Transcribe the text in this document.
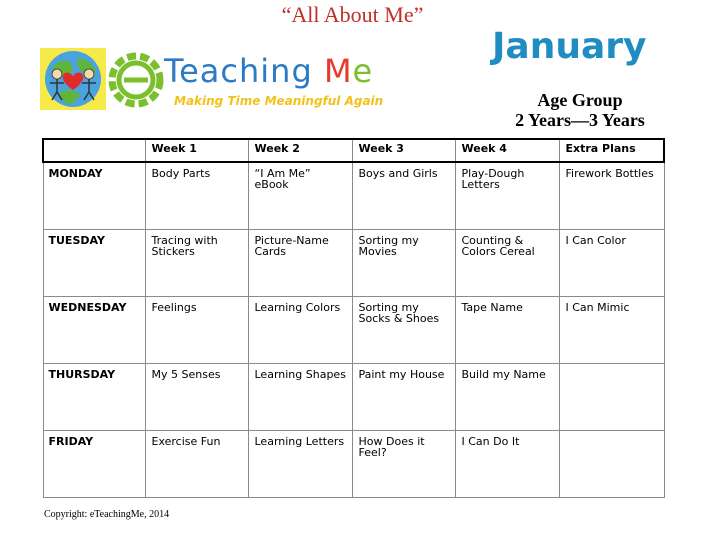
“All About Me”
Teaching Me
Making Time Meaningful Again
January
Age Group
2 Years—3 Years
	Week 1	Week 2	Week 3	Week 4	Extra Plans
MONDAY	Body Parts	“I Am Me” eBook	Boys and Girls	Play-Dough Letters	Firework Bottles
TUESDAY	Tracing with Stickers	Picture-Name Cards	Sorting my Movies	Counting & Colors Cereal	I Can Color
WEDNESDAY	Feelings	Learning Colors	Sorting my Socks & Shoes	Tape Name	I Can Mimic
THURSDAY	My 5 Senses	Learning Shapes	Paint my House	Build my Name	
FRIDAY	Exercise Fun	Learning Letters	How Does it Feel?	I Can Do It	
Copyright: eTeachingMe, 2014
